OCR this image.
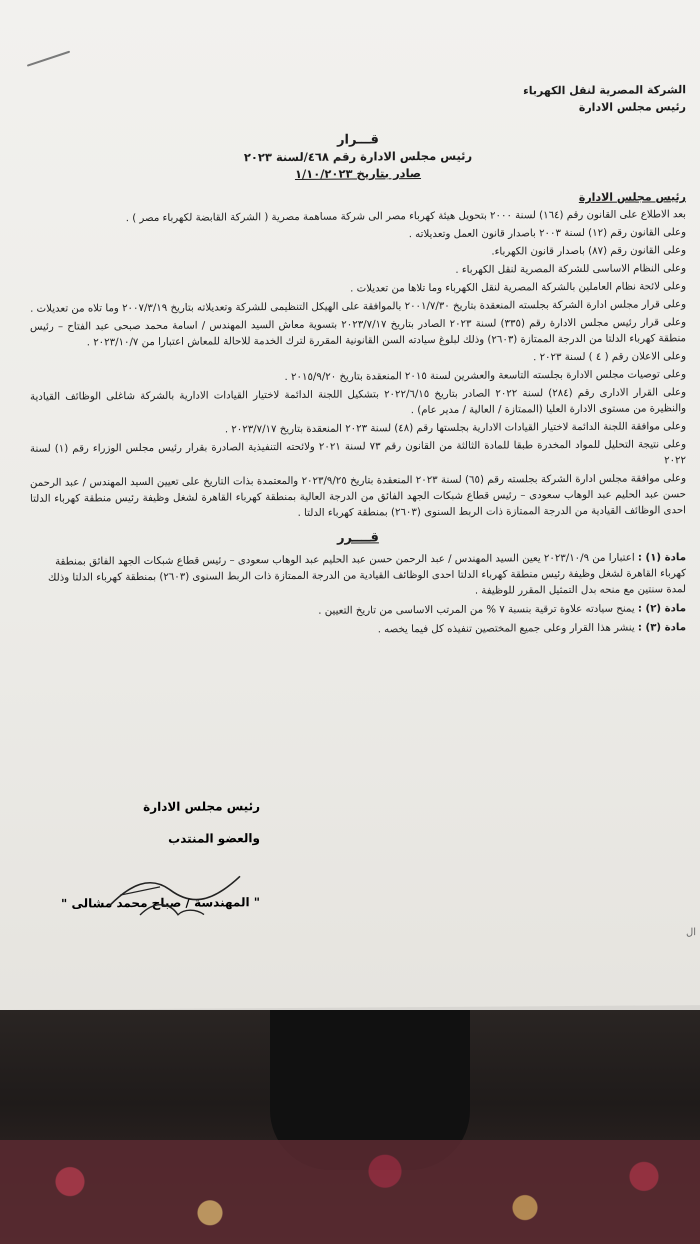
الشركة المصرية لنقل الكهرباء
رئيس مجلس الادارة
قـــرار
رئيس مجلس الادارة رقم ٤٦٨/لسنة ٢٠٢٣
صادر بتاريخ ١/١٠/٢٠٢٣
رئيس مجلس الادارة

بعد الاطلاع على القانون رقم (١٦٤) لسنة ٢٠٠٠ بتحويل هيئة كهرباء مصر الى شركة مساهمة مصرية ( الشركة القابضة لكهرباء مصر ) .

وعلى القانون رقم (١٢) لسنة ٢٠٠٣ باصدار قانون العمل وتعديلاته .

وعلى القانون رقم (٨٧) باصدار قانون الكهرباء.

وعلى النظام الاساسى للشركة المصرية لنقل الكهرباء .

وعلى لائحة نظام العاملين بالشركة المصرية لنقل الكهرباء وما تلاها من تعديلات .

وعلى قرار مجلس ادارة الشركة بجلسته المنعقدة بتاريخ ٢٠٠١/٧/٣٠ بالموافقة على الهيكل التنظيمى للشركة وتعديلاته بتاريخ ٢٠٠٧/٣/١٩ وما تلاه من تعديلات .

وعلى قرار رئيس مجلس الادارة رقم (٣٣٥) لسنة ٢٠٢٣ الصادر بتاريخ ٢٠٢٣/٧/١٧ بتسوية معاش السيد المهندس / اسامة محمد صبحى عبد الفتاح – رئيس منطقة كهرباء الدلتا من الدرجة الممتازة (٢٦٠٣) وذلك لبلوغ سيادته السن القانونية المقررة لترك الخدمة للاحالة للمعاش اعتبارا من ٢٠٢٣/١٠/٧ .

وعلى الاعلان رقم ( ٤ ) لسنة ٢٠٢٣ .

وعلى توصيات مجلس الادارة بجلسته التاسعة والعشرين لسنة ٢٠١٥ المنعقدة بتاريخ ٢٠١٥/٩/٢٠ .

وعلى القرار الادارى رقم (٢٨٤) لسنة ٢٠٢٢ الصادر بتاريخ ٢٠٢٢/٦/١٥ بتشكيل اللجنة الدائمة لاختيار القيادات الادارية بالشركة شاغلى الوظائف القيادية والنظيرة من مستوى الادارة العليا (الممتازة / العالية / مدير عام) .

وعلى موافقة اللجنة الدائمة لاختيار القيادات الادارية بجلستها رقم (٤٨) لسنة ٢٠٢٣ المنعقدة بتاريخ ٢٠٢٣/٧/١٧ .

وعلى نتيجة التحليل للمواد المخدرة طبقا للمادة الثالثة من القانون رقم ٧٣ لسنة ٢٠٢١ ولائحته التنفيذية الصادرة بقرار رئيس مجلس الوزراء رقم (١) لسنة ٢٠٢٢

وعلى موافقة مجلس ادارة الشركة بجلسته رقم (٦٥) لسنة ٢٠٢٣ المنعقدة بتاريخ ٢٠٢٣/٩/٢٥ والمعتمدة بذات التاريخ على تعيين السيد المهندس / عبد الرحمن حسن عبد الحليم عبد الوهاب سعودى – رئيس قطاع شبكات الجهد الفائق من الدرجة العالية بمنطقة كهرباء القاهرة لشغل وظيفة رئيس منطقة كهرباء الدلتا احدى الوظائف القيادية من الدرجة الممتازة ذات الربط السنوى (٢٦٠٣) بمنطقة كهرباء الدلتا .

قــــرر
مادة (١) : اعتبارا من ٢٠٢٣/١٠/٩ يعين السيد المهندس / عبد الرحمن حسن عبد الحليم عبد الوهاب سعودى – رئيس قطاع شبكات الجهد الفائق بمنطقة كهرباء القاهرة لشغل وظيفة رئيس منطقة كهرباء الدلتا احدى الوظائف القيادية من الدرجة الممتازة ذات الربط السنوى (٢٦٠٣) بمنطقة كهرباء الدلتا وذلك لمدة سنتين مع منحه بدل التمثيل المقرر للوظيفة .
مادة (٢) : يمنح سيادته علاوة ترقية بنسبة ٧ % من المرتب الاساسى من تاريخ التعيين .
مادة (٣) : ينشر هذا القرار وعلى جميع المختصين تنفيذه كل فيما يخصه .
رئيس مجلس الادارة
والعضو المنتدب
" المهندسة / صباح محمد مشالى "
ال
